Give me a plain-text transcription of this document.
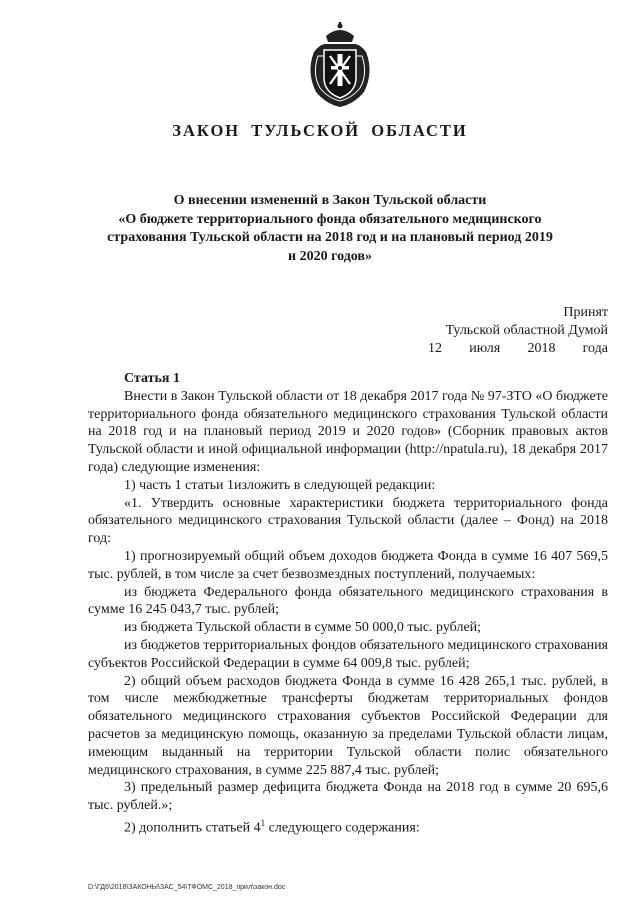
ЗАКОН ТУЛЬСКОЙ ОБЛАСТИ
О внесении изменений в Закон Тульской области
«О бюджете территориального фонда обязательного медицинского
страхования Тульской области на 2018 год и на плановый период 2019
и 2020 годов»
Принят
Тульской областной Думой
12 июля 2018 года

Статья 1

Внести в Закон Тульской области от 18 декабря 2017 года № 97-ЗТО «О бюджете территориального фонда обязательного медицинского страхования Тульской области на 2018 год и на плановый период 2019 и 2020 годов» (Сборник правовых актов Тульской области и иной официальной информации (http://npatula.ru), 18 декабря 2017 года) следующие изменения:

1) часть 1 статьи 1изложить в следующей редакции:

«1. Утвердить основные характеристики бюджета территориального фонда обязательного медицинского страхования Тульской области (далее – Фонд) на 2018 год:

1) прогнозируемый общий объем доходов бюджета Фонда в сумме 16 407 569,5 тыс. рублей, в том числе за счет безвозмездных поступлений, получаемых:

из бюджета Федерального фонда обязательного медицинского страхования в сумме 16 245 043,7 тыс. рублей;

из бюджета Тульской области в сумме 50 000,0 тыс. рублей;

из бюджетов территориальных фондов обязательного медицинского страхования субъектов Российской Федерации в сумме 64 009,8 тыс. рублей;

2) общий объем расходов бюджета Фонда в сумме 16 428 265,1 тыс. рублей, в том числе межбюджетные трансферты бюджетам территориальных фондов обязательного медицинского страхования субъектов Российской Федерации для расчетов за медицинскую помощь, оказанную за пределами Тульской области лицам, имеющим выданный на территории Тульской области полис обязательного медицинского страхования, в сумме 225 887,4 тыс. рублей;

3) предельный размер дефицита бюджета Фонда на 2018 год в сумме 20 695,6 тыс. рублей.»;

2) дополнить статьей $4^1$ следующего содержания:

D:\ГД6\2018\ЗАКОНЫ\ЗАС_54\ТФОМС_2018_прил\закон.doc
